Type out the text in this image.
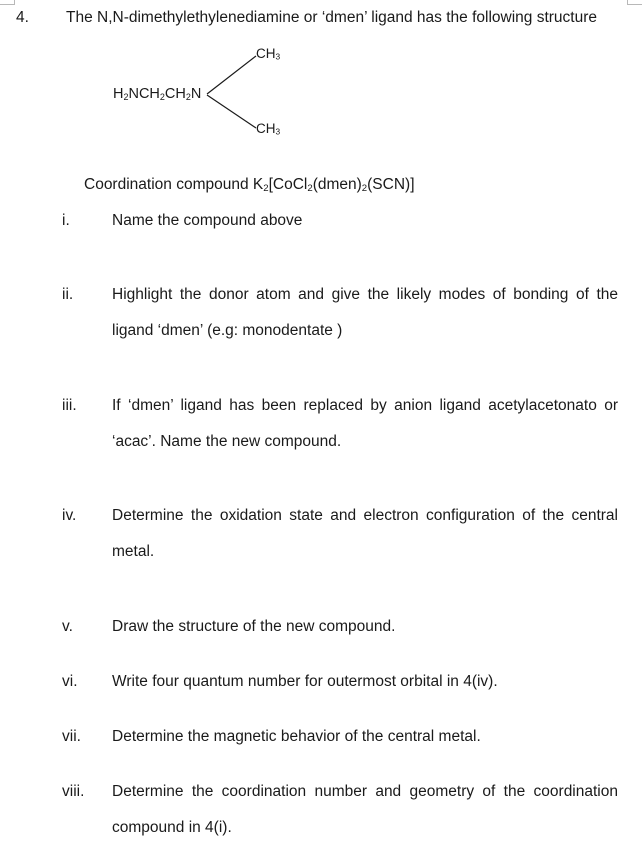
4. The N,N-dimethylethylenediamine or ‘dmen’ ligand has the following structure
$H_2NCH_2CH_2N$
$CH_3$
$CH_3$
Coordination compound $K_2[CoCl_2(dmen)_2(SCN)]$
i.	Name the compound above
ii.	Highlight the donor atom and give the likely modes of bonding of the ligand ‘dmen’ (e.g: monodentate )
iii.	If ‘dmen’ ligand has been replaced by anion ligand acetylacetonato or ‘acac’. Name the new compound.
iv.	Determine the oxidation state and electron configuration of the central metal.
v.	Draw the structure of the new compound.
vi.	Write four quantum number for outermost orbital in 4(iv).
vii.	Determine the magnetic behavior of the central metal.
viii.	Determine the coordination number and geometry of the coordination compound in 4(i).
